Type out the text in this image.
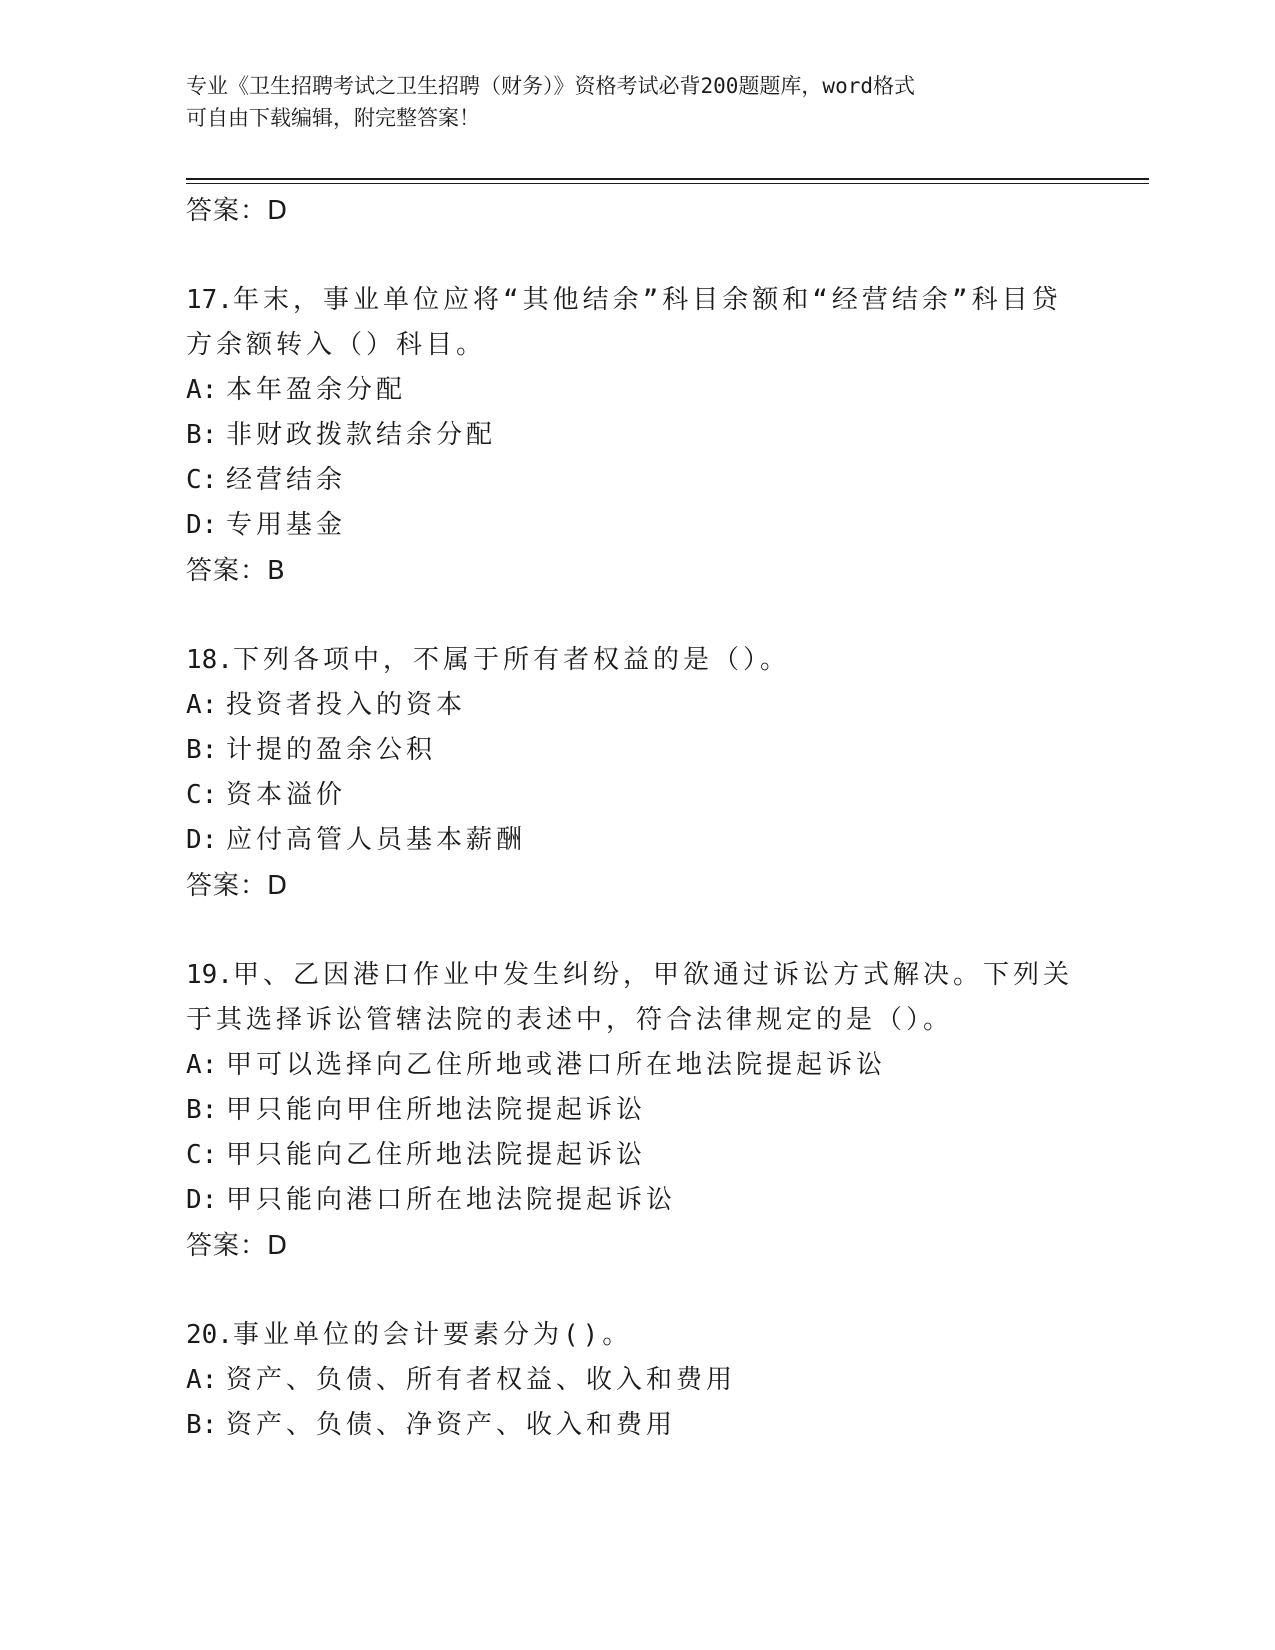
专业《卫生招聘考试之卫生招聘（财务）》资格考试必背200题题库，word格式
可自由下载编辑，附完整答案！
答案：D
17.年末，事业单位应将“其他结余”科目余额和“经营结余”科目贷方余额转入（）科目。
A: 本年盈余分配
B: 非财政拨款结余分配
C: 经营结余
D: 专用基金
答案：B
18.下列各项中，不属于所有者权益的是（）。
A: 投资者投入的资本
B: 计提的盈余公积
C: 资本溢价
D: 应付高管人员基本薪酬
答案：D
19.甲、乙因港口作业中发生纠纷，甲欲通过诉讼方式解决。下列关于其选择诉讼管辖法院的表述中，符合法律规定的是（）。
A: 甲可以选择向乙住所地或港口所在地法院提起诉讼
B: 甲只能向甲住所地法院提起诉讼
C: 甲只能向乙住所地法院提起诉讼
D: 甲只能向港口所在地法院提起诉讼
答案：D
20.事业单位的会计要素分为()。
A: 资产、负债、所有者权益、收入和费用
B: 资产、负债、净资产、收入和费用
